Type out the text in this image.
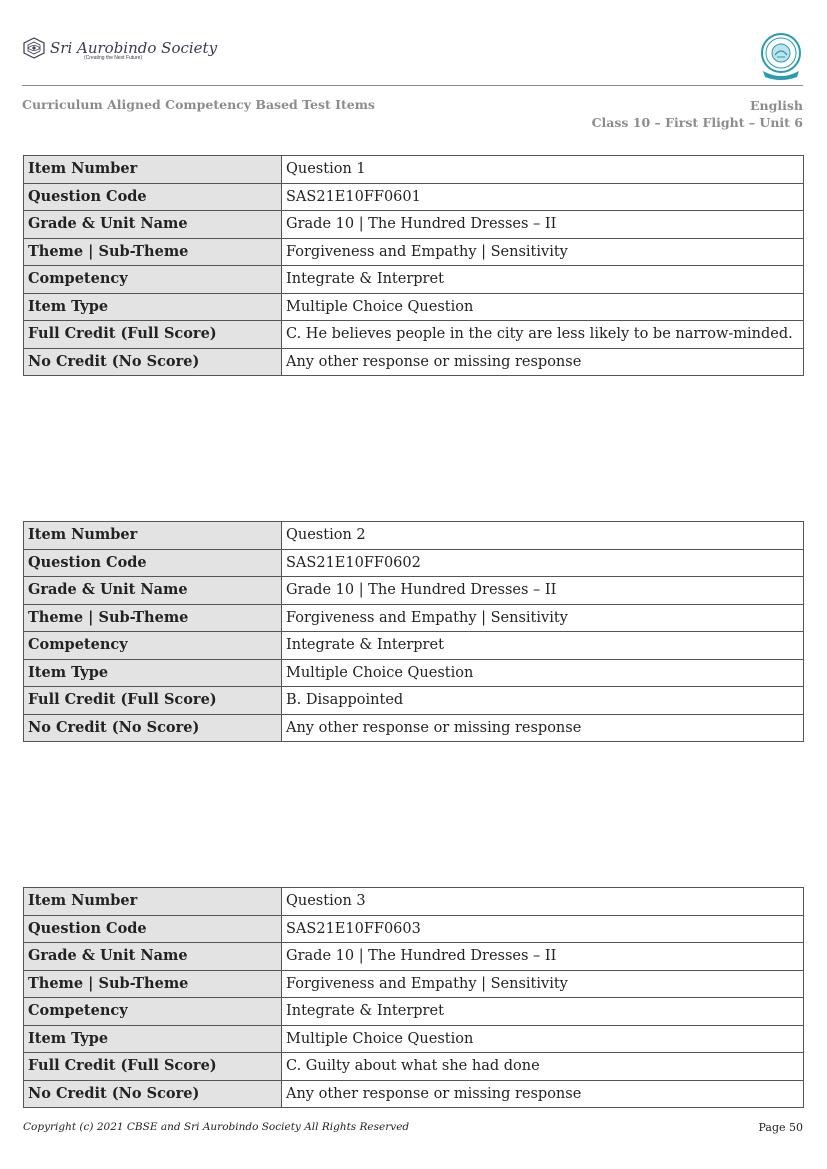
Sri Aurobindo Society
(Creating the Next Future)
Curriculum Aligned Competency Based Test Items	English
Class 10 – First Flight – Unit 6
Item Number	Question 1
Question Code	SAS21E10FF0601
Grade & Unit Name	Grade 10 | The Hundred Dresses – II
Theme | Sub-Theme	Forgiveness and Empathy | Sensitivity
Competency	Integrate & Interpret
Item Type	Multiple Choice Question
Full Credit (Full Score)	C. He believes people in the city are less likely to be narrow-minded.
No Credit (No Score)	Any other response or missing response
Item Number	Question 2
Question Code	SAS21E10FF0602
Grade & Unit Name	Grade 10 | The Hundred Dresses – II
Theme | Sub-Theme	Forgiveness and Empathy | Sensitivity
Competency	Integrate & Interpret
Item Type	Multiple Choice Question
Full Credit (Full Score)	B. Disappointed
No Credit (No Score)	Any other response or missing response
Item Number	Question 3
Question Code	SAS21E10FF0603
Grade & Unit Name	Grade 10 | The Hundred Dresses – II
Theme | Sub-Theme	Forgiveness and Empathy | Sensitivity
Competency	Integrate & Interpret
Item Type	Multiple Choice Question
Full Credit (Full Score)	C. Guilty about what she had done
No Credit (No Score)	Any other response or missing response
Copyright (c) 2021 CBSE and Sri Aurobindo Society All Rights Reserved	Page 50
